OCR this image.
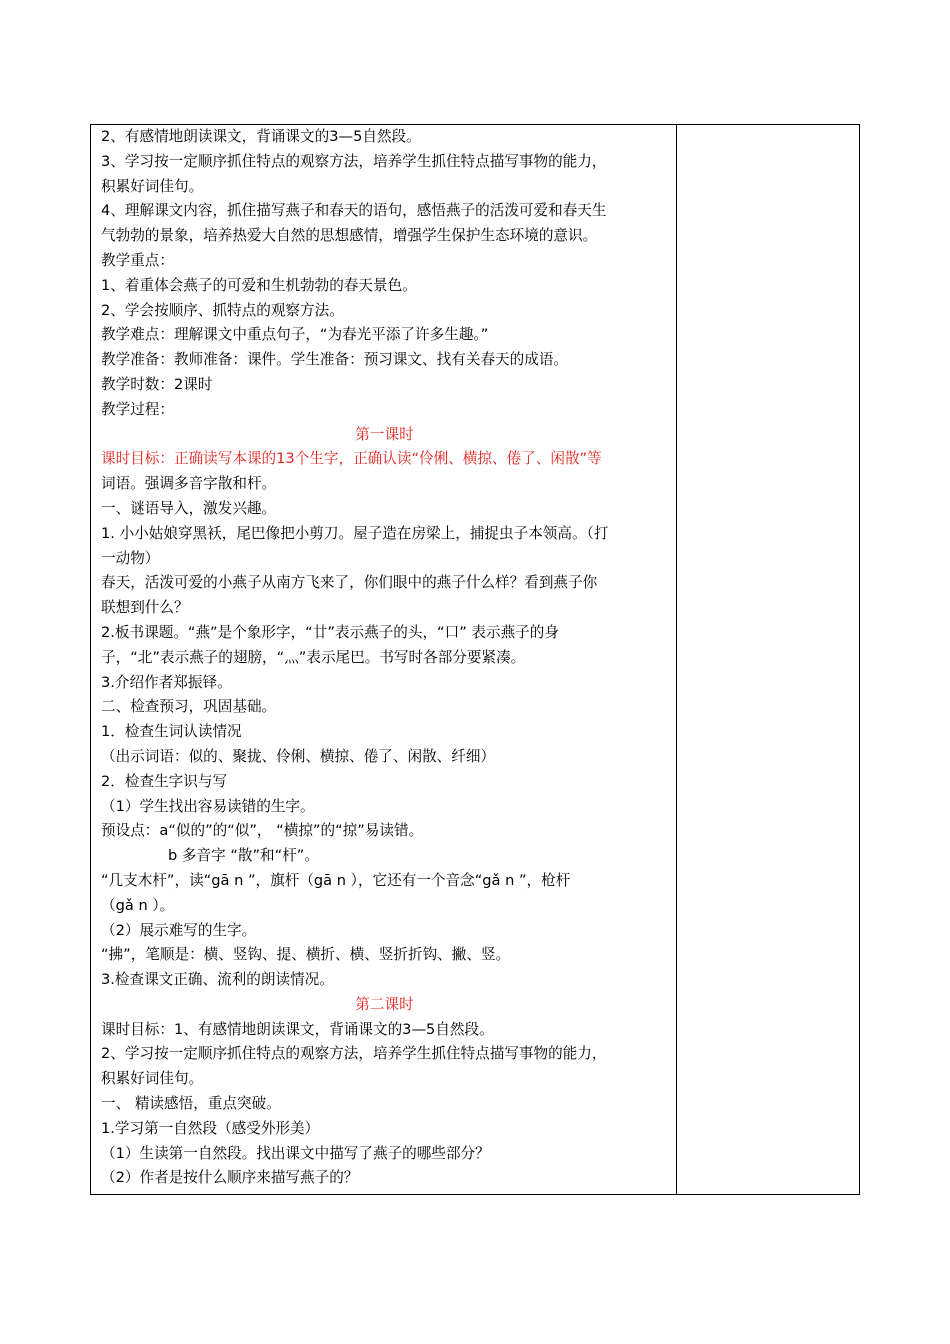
2、有感情地朗读课文，背诵课文的3—5自然段。
3、学习按一定顺序抓住特点的观察方法，培养学生抓住特点描写事物的能力，
积累好词佳句。
4、理解课文内容，抓住描写燕子和春天的语句，感悟燕子的活泼可爱和春天生
气勃勃的景象，培养热爱大自然的思想感情，增强学生保护生态环境的意识。
教学重点：
1、着重体会燕子的可爱和生机勃勃的春天景色。
2、学会按顺序、抓特点的观察方法。
教学难点：理解课文中重点句子，“为春光平添了许多生趣。”
教学准备：教师准备：课件。学生准备：预习课文、找有关春天的成语。
教学时数：2课时
教学过程：
第一课时
课时目标：正确读写本课的13个生字，正确认读“伶俐、横掠、倦了、闲散”等
词语。强调多音字散和杆。
一、谜语导入，激发兴趣。
1. 小小姑娘穿黑袄，尾巴像把小剪刀。屋子造在房梁上，捕捉虫子本领高。（打
一动物）
春天，活泼可爱的小燕子从南方飞来了，你们眼中的燕子什么样？看到燕子你
联想到什么？
2.板书课题。“燕”是个象形字，“廿”表示燕子的头，“口” 表示燕子的身
子，“北”表示燕子的翅膀，“灬”表示尾巴。书写时各部分要紧凑。
3.介绍作者郑振铎。
二、检查预习，巩固基础。
1．检查生词认读情况
（出示词语：似的、聚拢、伶俐、横掠、倦了、闲散、纤细）
2．检查生字识与写
（1）学生找出容易读错的生字。
预设点：a“似的”的“似”， “横掠”的“掠”易读错。
b 多音字 “散”和“杆”。
“几支木杆”，读“gā n ”，旗杆（gā n ），它还有一个音念“gǎ n ”，枪杆
（gǎ n ）。
（2）展示难写的生字。
“拂”，笔顺是：横、竖钩、提、横折、横、竖折折钩、撇、竖。
3.检查课文正确、流利的朗读情况。
第二课时
课时目标：1、有感情地朗读课文，背诵课文的3—5自然段。
2、学习按一定顺序抓住特点的观察方法，培养学生抓住特点描写事物的能力，
积累好词佳句。
一、 精读感悟，重点突破。
1.学习第一自然段（感受外形美）
（1）生读第一自然段。找出课文中描写了燕子的哪些部分？
（2）作者是按什么顺序来描写燕子的？
